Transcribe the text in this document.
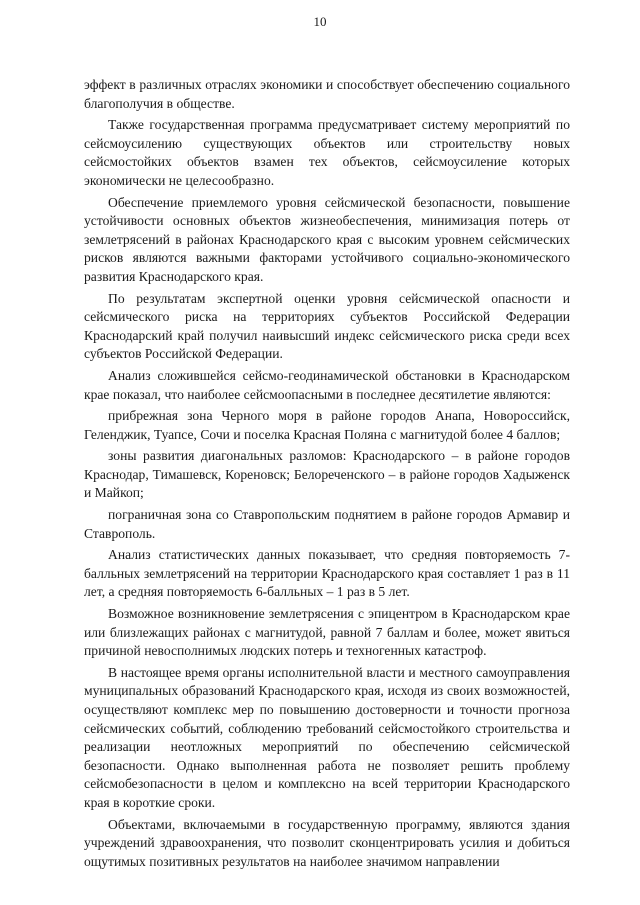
10

эффект в различных отраслях экономики и способствует обеспечению социального благополучия в обществе.

Также государственная программа предусматривает систему мероприятий по сейсмоусилению существующих объектов или строительству новых сейсмостойких объектов взамен тех объектов, сейсмоусиление которых экономически не целесообразно.

Обеспечение приемлемого уровня сейсмической безопасности, повышение устойчивости основных объектов жизнеобеспечения, минимизация потерь от землетрясений в районах Краснодарского края с высоким уровнем сейсмических рисков являются важными факторами устойчивого социально-экономического развития Краснодарского края.

По результатам экспертной оценки уровня сейсмической опасности и сейсмического риска на территориях субъектов Российской Федерации Краснодарский край получил наивысший индекс сейсмического риска среди всех субъектов Российской Федерации.

Анализ сложившейся сейсмо-геодинамической обстановки в Краснодарском крае показал, что наиболее сейсмоопасными в последнее десятилетие являются:

прибрежная зона Черного моря в районе городов Анапа, Новороссийск, Геленджик, Туапсе, Сочи и поселка Красная Поляна с магнитудой более 4 баллов;

зоны развития диагональных разломов: Краснодарского – в районе городов Краснодар, Тимашевск, Кореновск; Белореченского – в районе городов Хадыженск и Майкоп;

пограничная зона со Ставропольским поднятием в районе городов Армавир и Ставрополь.

Анализ статистических данных показывает, что средняя повторяемость 7-балльных землетрясений на территории Краснодарского края составляет 1 раз в 11 лет, а средняя повторяемость 6-балльных – 1 раз в 5 лет.

Возможное возникновение землетрясения с эпицентром в Краснодарском крае или близлежащих районах с магнитудой, равной 7 баллам и более, может явиться причиной невосполнимых людских потерь и техногенных катастроф.

В настоящее время органы исполнительной власти и местного самоуправления муниципальных образований Краснодарского края, исходя из своих возможностей, осуществляют комплекс мер по повышению достоверности и точности прогноза сейсмических событий, соблюдению требований сейсмостойкого строительства и реализации неотложных мероприятий по обеспечению сейсмической безопасности. Однако выполненная работа не позволяет решить проблему сейсмобезопасности в целом и комплексно на всей территории Краснодарского края в короткие сроки.

Объектами, включаемыми в государственную программу, являются здания учреждений здравоохранения, что позволит сконцентрировать усилия и добиться ощутимых позитивных результатов на наиболее значимом направлении
